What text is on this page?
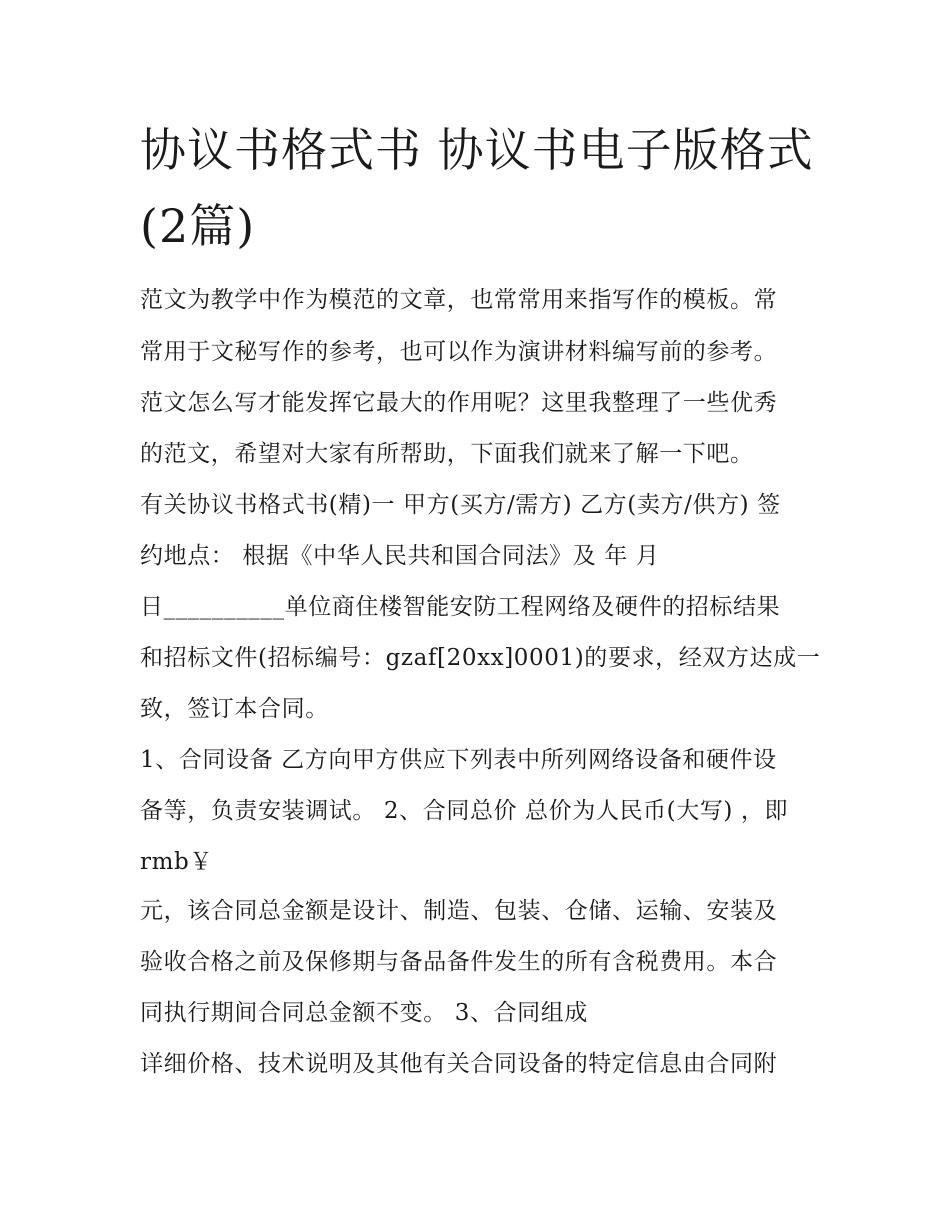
协议书格式书 协议书电子版格式(2篇)
范文为教学中作为模范的文章，也常常用来指写作的模板。常
常用于文秘写作的参考，也可以作为演讲材料编写前的参考。
范文怎么写才能发挥它最大的作用呢？这里我整理了一些优秀
的范文，希望对大家有所帮助，下面我们就来了解一下吧。
有关协议书格式书(精)一 甲方(买方/需方) 乙方(卖方/供方) 签
约地点： 根据《中华人民共和国合同法》及 年 月
日__________单位商住楼智能安防工程网络及硬件的招标结果
和招标文件(招标编号：gzaf[20xx]0001)的要求，经双方达成一
致，签订本合同。
1、合同设备 乙方向甲方供应下列表中所列网络设备和硬件设
备等，负责安装调试。 2、合同总价 总价为人民币(大写) ，即
rmb￥
元，该合同总金额是设计、制造、包装、仓储、运输、安装及
验收合格之前及保修期与备品备件发生的所有含税费用。本合
同执行期间合同总金额不变。 3、合同组成
详细价格、技术说明及其他有关合同设备的特定信息由合同附
